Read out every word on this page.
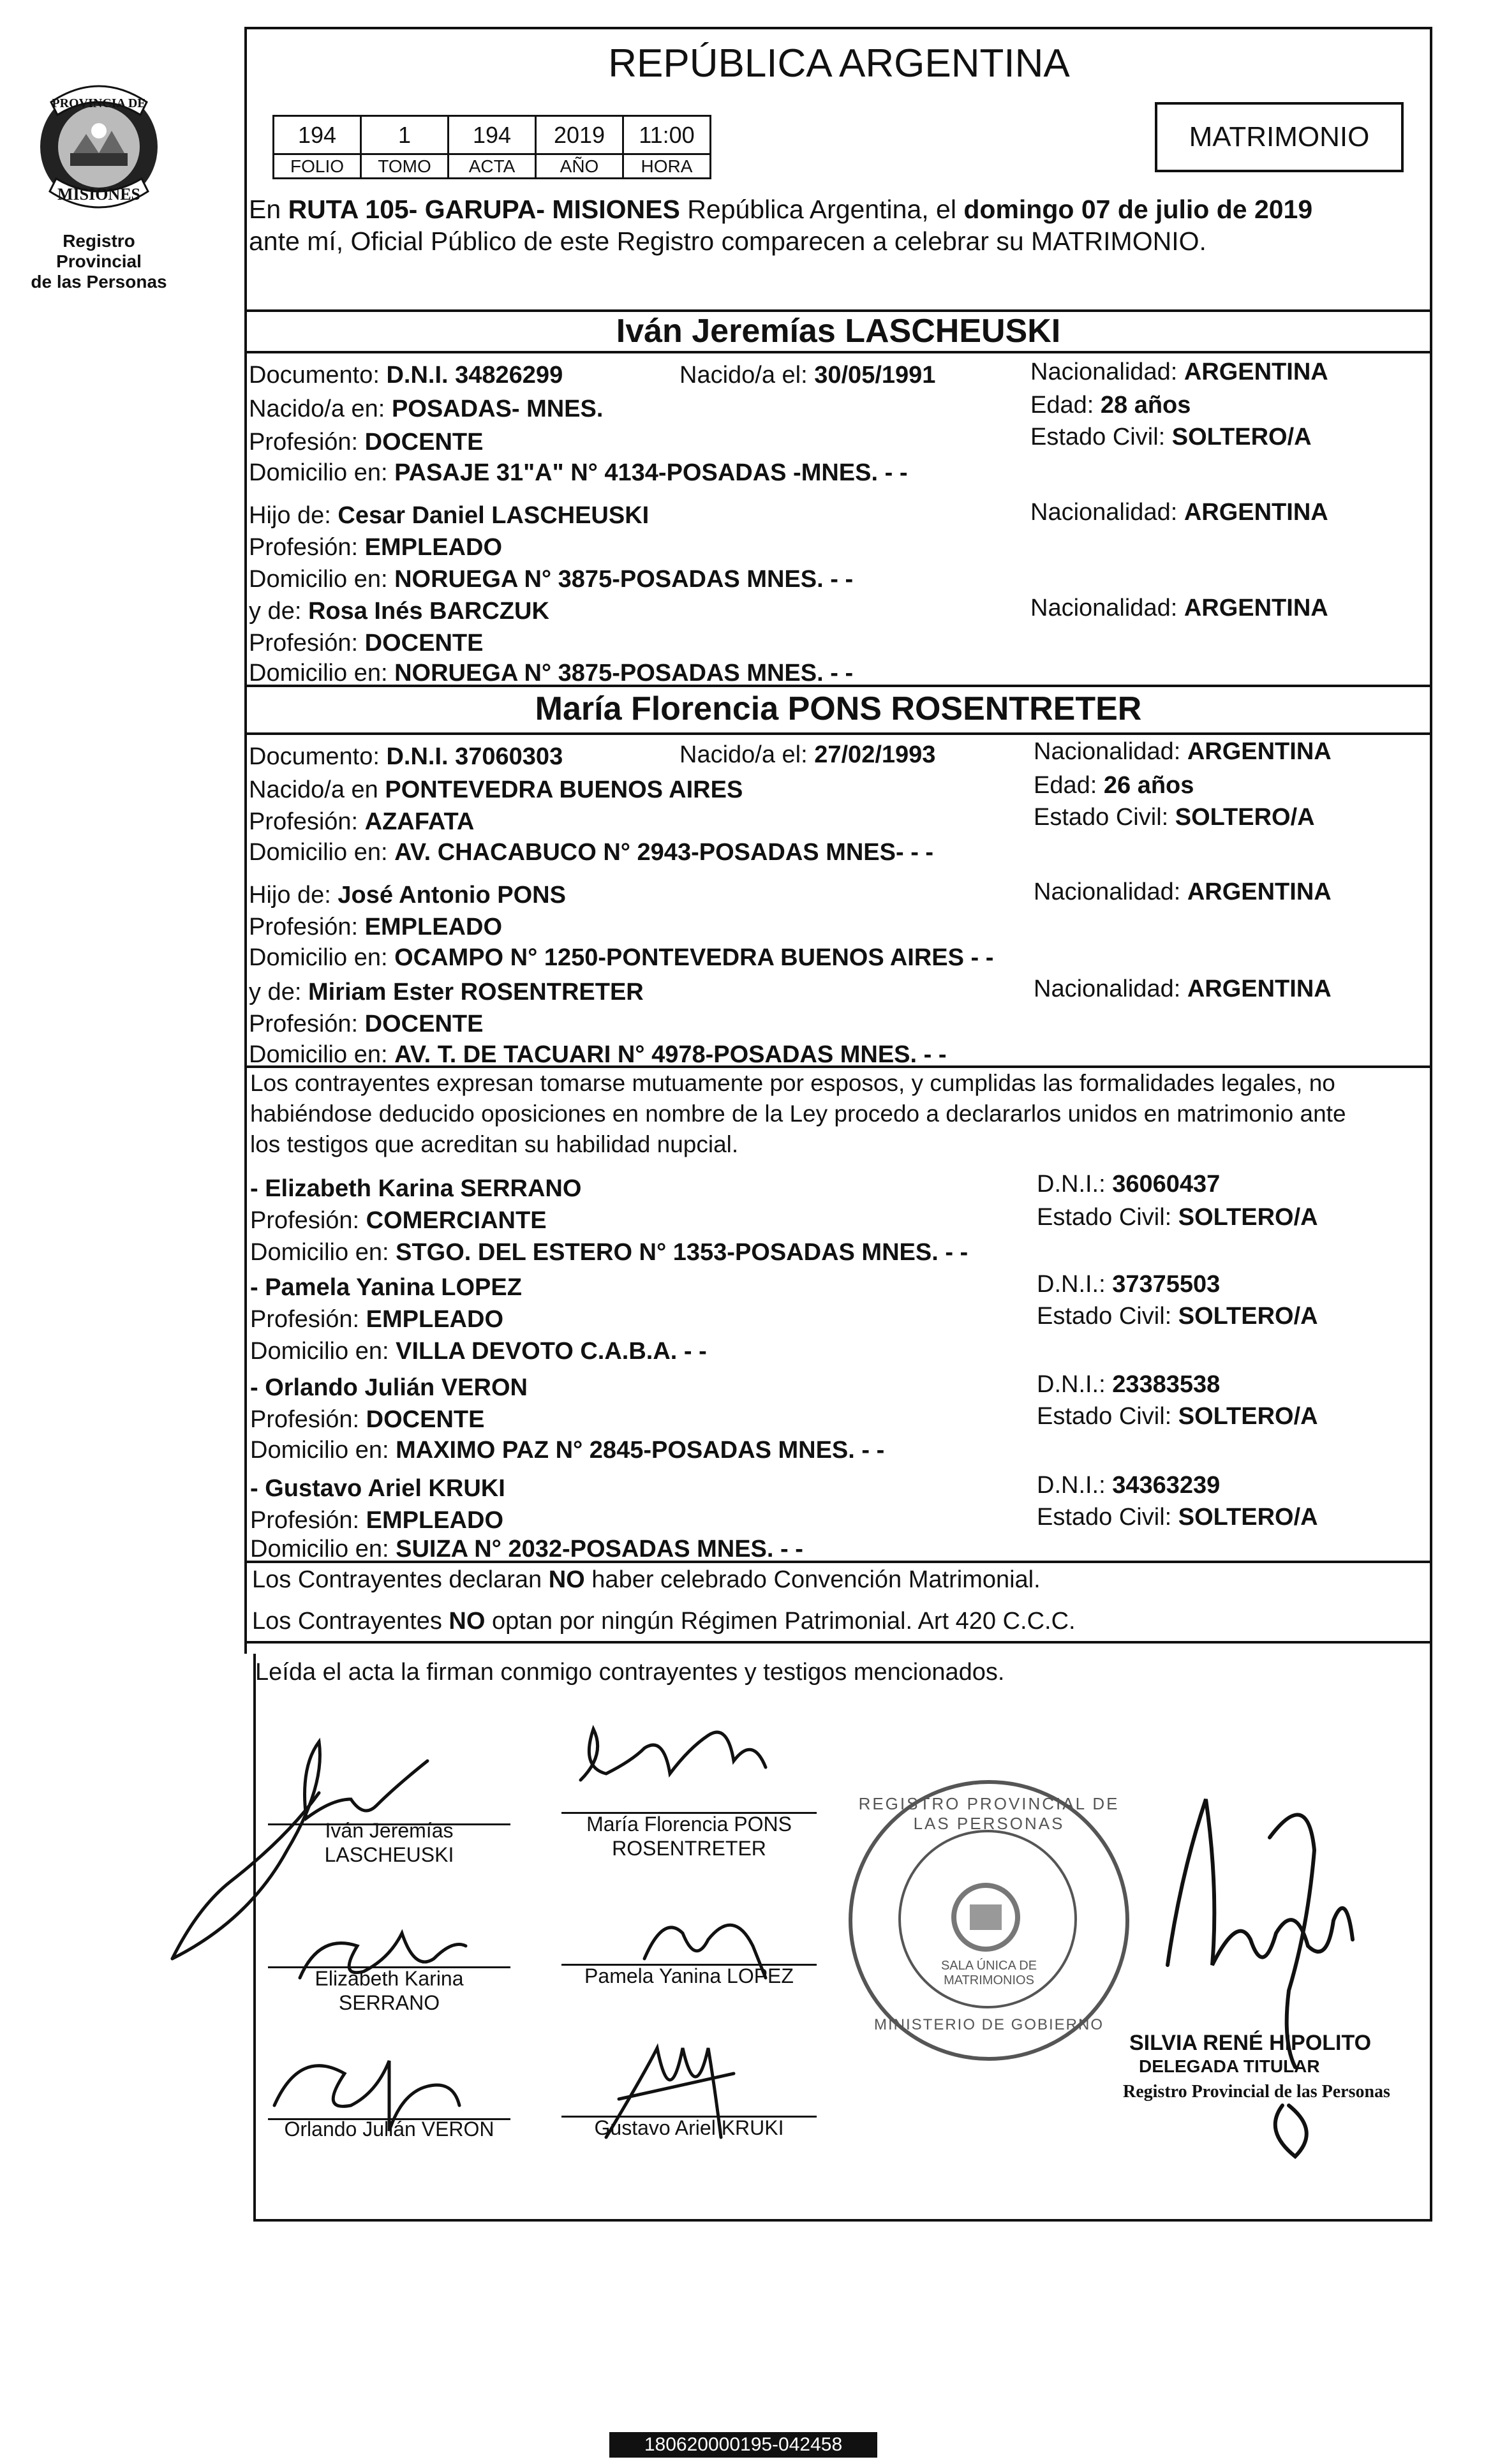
PROVINCIA DE
MISIONES
Registro Provincial
de las Personas
REPÚBLICA ARGENTINA
194	1	194	2019	11:00
FOLIO	TOMO	ACTA	AÑO	HORA
MATRIMONIO
En RUTA 105- GARUPA- MISIONES República Argentina, el domingo 07 de julio de 2019
ante mí, Oficial Público de este Registro comparecen a celebrar su MATRIMONIO.
Iván Jeremías LASCHEUSKI
Documento: D.N.I. 34826299	Nacido/a el: 30/05/1991	Nacionalidad: ARGENTINA
Nacido/a en: POSADAS- MNES.	Edad: 28 años
Profesión: DOCENTE	Estado Civil: SOLTERO/A
Domicilio en: PASAJE 31"A" N° 4134-POSADAS -MNES. - -
Hijo de: Cesar Daniel LASCHEUSKI	Nacionalidad: ARGENTINA
Profesión: EMPLEADO
Domicilio en: NORUEGA N° 3875-POSADAS MNES. - -
y de: Rosa Inés BARCZUK	Nacionalidad: ARGENTINA
Profesión: DOCENTE
Domicilio en: NORUEGA N° 3875-POSADAS MNES. - -
María Florencia PONS ROSENTRETER
Documento: D.N.I. 37060303	Nacido/a el: 27/02/1993	Nacionalidad: ARGENTINA
Nacido/a en PONTEVEDRA BUENOS AIRES	Edad: 26 años
Profesión: AZAFATA	Estado Civil: SOLTERO/A
Domicilio en: AV. CHACABUCO N° 2943-POSADAS MNES- - -
Hijo de: José Antonio PONS	Nacionalidad: ARGENTINA
Profesión: EMPLEADO
Domicilio en: OCAMPO N° 1250-PONTEVEDRA BUENOS AIRES - -
y de: Miriam Ester ROSENTRETER	Nacionalidad: ARGENTINA
Profesión: DOCENTE
Domicilio en: AV. T. DE TACUARI N° 4978-POSADAS MNES. - -
Los contrayentes expresan tomarse mutuamente por esposos, y cumplidas las formalidades legales, no
habiéndose deducido oposiciones en nombre de la Ley procedo a declararlos unidos en matrimonio ante
los testigos que acreditan su habilidad nupcial.
- Elizabeth Karina SERRANO	D.N.I.: 36060437
Profesión: COMERCIANTE	Estado Civil: SOLTERO/A
Domicilio en: STGO. DEL ESTERO N° 1353-POSADAS MNES. - -
- Pamela Yanina LOPEZ	D.N.I.: 37375503
Profesión: EMPLEADO	Estado Civil: SOLTERO/A
Domicilio en: VILLA DEVOTO C.A.B.A. - -
- Orlando Julián VERON	D.N.I.: 23383538
Profesión: DOCENTE	Estado Civil: SOLTERO/A
Domicilio en: MAXIMO PAZ N° 2845-POSADAS MNES. - -
- Gustavo Ariel KRUKI	D.N.I.: 34363239
Profesión: EMPLEADO	Estado Civil: SOLTERO/A
Domicilio en: SUIZA N° 2032-POSADAS MNES. - -
Los Contrayentes declaran NO haber celebrado Convención Matrimonial.
Los Contrayentes NO optan por ningún Régimen Patrimonial. Art 420 C.C.C.
Leída el acta la firman conmigo contrayentes y testigos mencionados.
Iván Jeremías
LASCHEUSKI
María Florencia PONS
ROSENTRETER
Elizabeth Karina
SERRANO
Pamela Yanina LOPEZ
Orlando Julián VERON	Gustavo Ariel KRUKI
REGISTRO PROVINCIAL DE LAS PERSONAS
SALA ÚNICA DE MATRIMONIOS
MINISTERIO DE GOBIERNO
SILVIA RENÉ HIPOLITO
DELEGADA TITULAR
Registro Provincial de las Personas
180620000195-042458
